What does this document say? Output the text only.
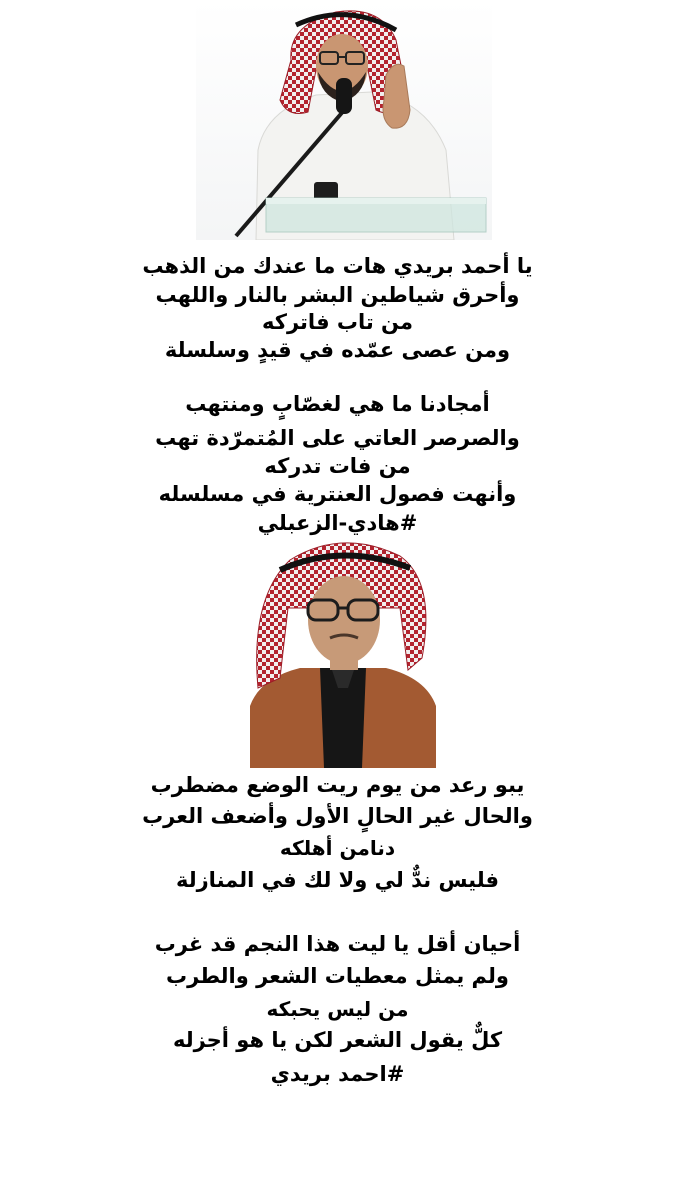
يا أحمد بريدي هات ما عندك من الذهب
وأحرق شياطين البشر بالنار واللهب
من تاب فاتركه
ومن عصى عمّده في قيدٍ وسلسلة
أمجادنا ما هي لغصّابٍ ومنتهب
والصرصر العاتي على المُتمرّدة تهب
من فات تدركه
وأنهت فصول العنترية في مسلسله
#هادي-الزعبلي
يبو رعد من يوم ريت الوضع مضطرب
والحال غير الحالٍ الأول وأضعف العرب
دنامن أهلكه
فليس ندٌّ لي ولا لك في المنازلة
أحيان أقل يا ليت هذا النجم قد غرب
ولم يمثل معطيات الشعر والطرب
من ليس يحبكه
كلٌّ يقول الشعر لكن يا هو أجزله
#احمد بريدي
